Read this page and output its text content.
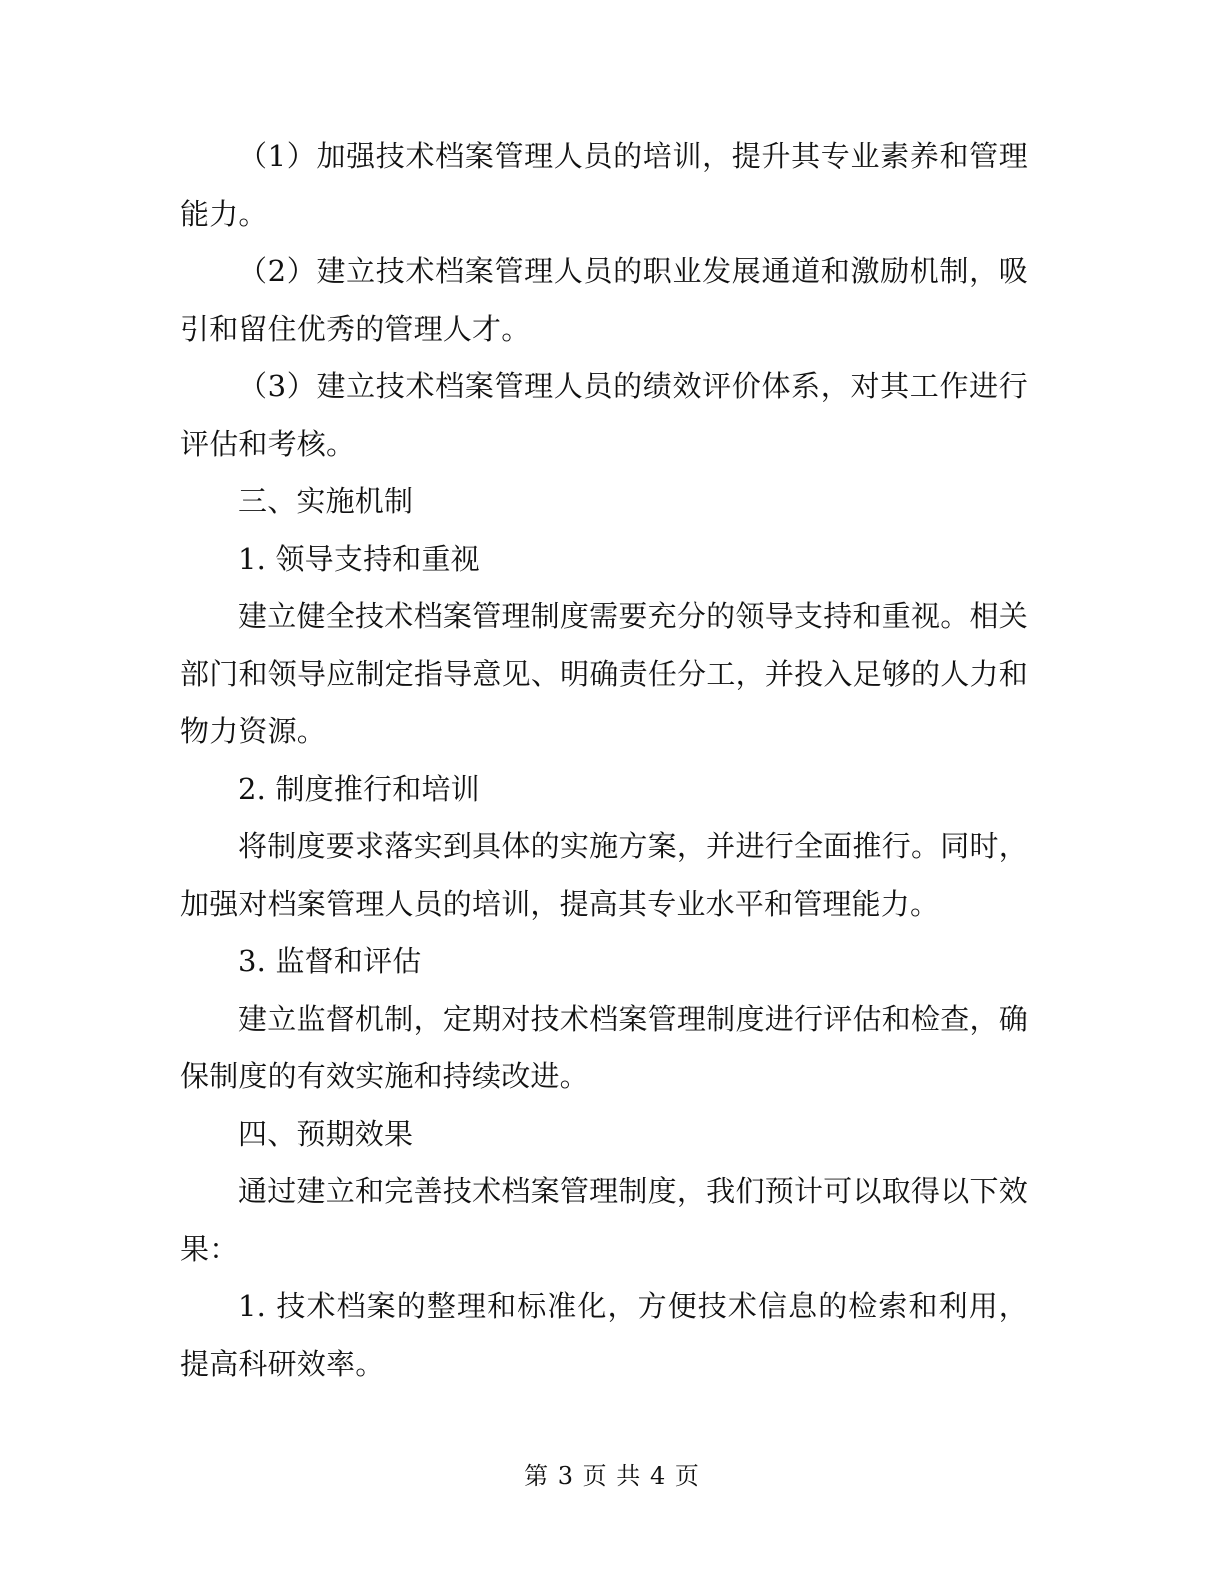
（1）加强技术档案管理人员的培训，提升其专业素养和管理能力。

（2）建立技术档案管理人员的职业发展通道和激励机制，吸引和留住优秀的管理人才。

（3）建立技术档案管理人员的绩效评价体系，对其工作进行评估和考核。

三、实施机制

1. 领导支持和重视

建立健全技术档案管理制度需要充分的领导支持和重视。相关部门和领导应制定指导意见、明确责任分工，并投入足够的人力和物力资源。

2. 制度推行和培训

将制度要求落实到具体的实施方案，并进行全面推行。同时，加强对档案管理人员的培训，提高其专业水平和管理能力。

3. 监督和评估

建立监督机制，定期对技术档案管理制度进行评估和检查，确保制度的有效实施和持续改进。

四、预期效果

通过建立和完善技术档案管理制度，我们预计可以取得以下效果：

1. 技术档案的整理和标准化，方便技术信息的检索和利用，提高科研效率。

第 3 页 共 4 页
